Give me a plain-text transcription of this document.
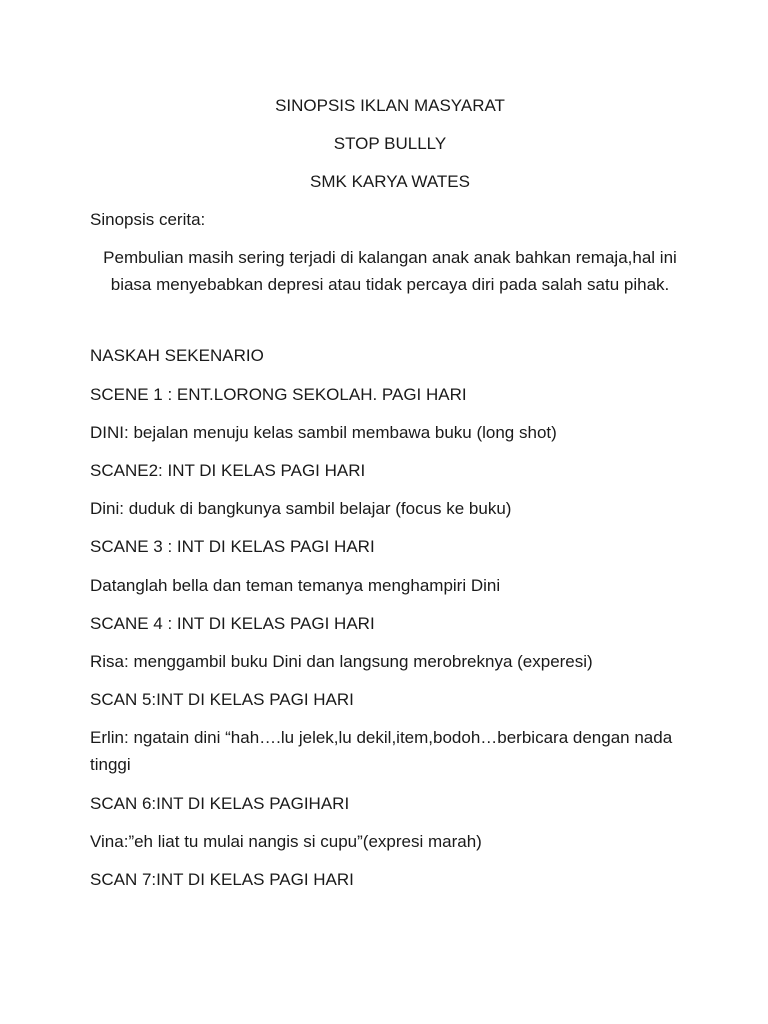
SINOPSIS IKLAN MASYARAT
STOP BULLLY
SMK KARYA WATES
Sinopsis cerita:
Pembulian masih sering terjadi di kalangan anak anak bahkan remaja,hal ini biasa menyebabkan depresi atau tidak percaya diri pada salah satu pihak.
NASKAH SEKENARIO
SCENE 1 : ENT.LORONG SEKOLAH. PAGI HARI
DINI: bejalan menuju kelas sambil membawa buku (long shot)
SCANE2: INT DI KELAS PAGI HARI
Dini: duduk di bangkunya sambil belajar (focus ke buku)
SCANE 3 : INT DI KELAS PAGI HARI
Datanglah bella dan teman temanya menghampiri Dini
SCANE 4 : INT DI KELAS PAGI HARI
Risa: menggambil buku Dini dan langsung merobreknya (experesi)
SCAN 5:INT DI KELAS PAGI HARI
Erlin: ngatain dini “hah….lu jelek,lu dekil,item,bodoh…berbicara dengan nada tinggi
SCAN 6:INT DI KELAS PAGIHARI
Vina:”eh liat tu mulai nangis si cupu”(expresi marah)
SCAN 7:INT DI KELAS PAGI HARI
